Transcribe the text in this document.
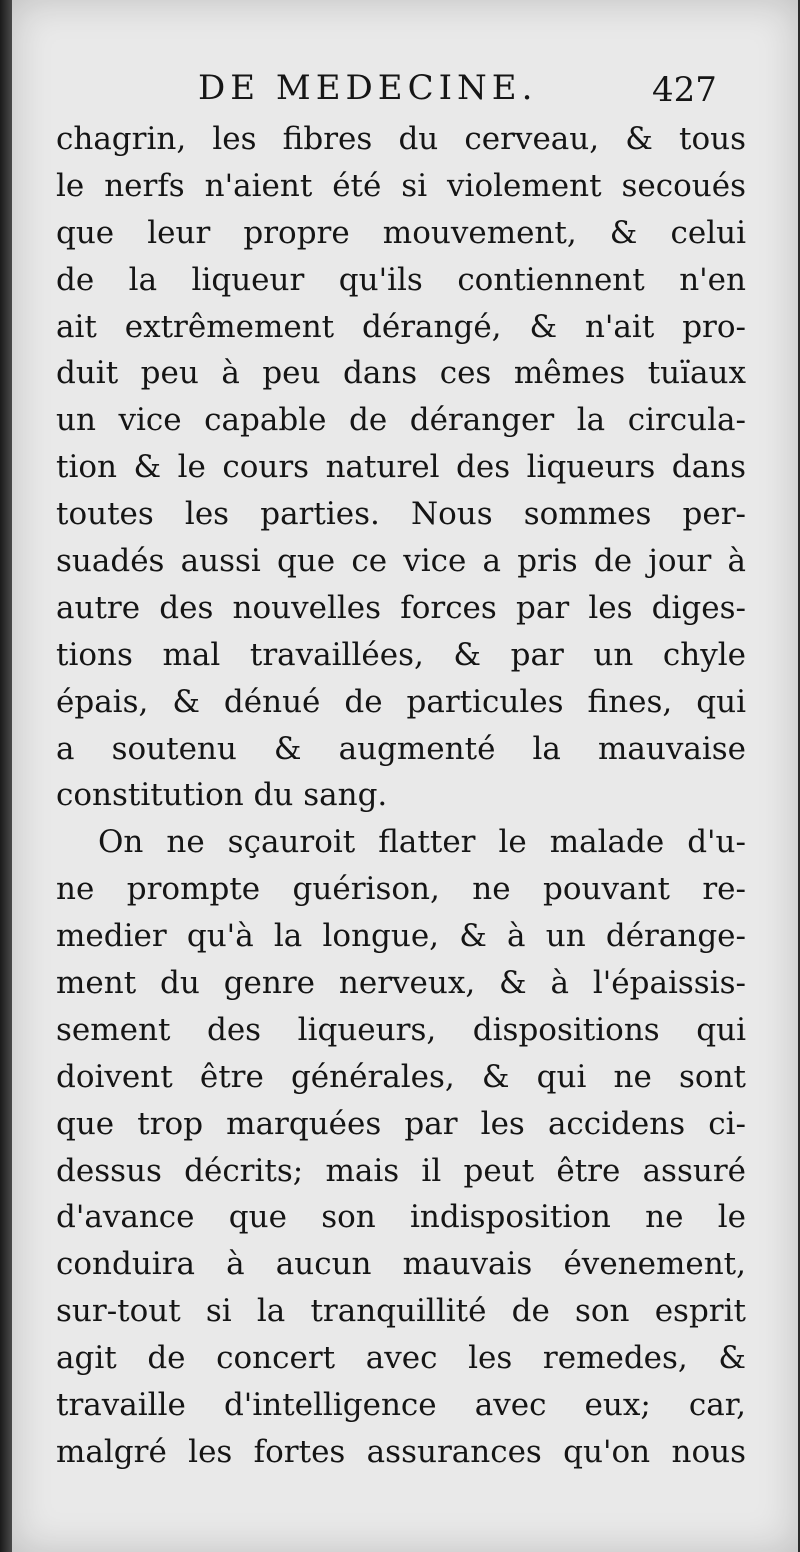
DE MEDECINE.	427
chagrin, les fibres du cerveau, & tous
le nerfs n'aient été si violement secoués
que leur propre mouvement, & celui
de la liqueur qu'ils contiennent n'en
ait extrêmement dérangé, & n'ait pro-
duit peu à peu dans ces mêmes tuïaux
un vice capable de déranger la circula-
tion & le cours naturel des liqueurs dans
toutes les parties. Nous sommes per-
suadés aussi que ce vice a pris de jour à
autre des nouvelles forces par les diges-
tions mal travaillées, & par un chyle
épais, & dénué de particules fines, qui
a soutenu & augmenté la mauvaise
constitution du sang.
On ne sçauroit flatter le malade d'u-
ne prompte guérison, ne pouvant re-
medier qu'à la longue, & à un dérange-
ment du genre nerveux, & à l'épaissis-
sement des liqueurs, dispositions qui
doivent être générales, & qui ne sont
que trop marquées par les accidens ci-
dessus décrits; mais il peut être assuré
d'avance que son indisposition ne le
conduira à aucun mauvais évenement,
sur-tout si la tranquillité de son esprit
agit de concert avec les remedes, &
travaille d'intelligence avec eux; car,
malgré les fortes assurances qu'on nous
